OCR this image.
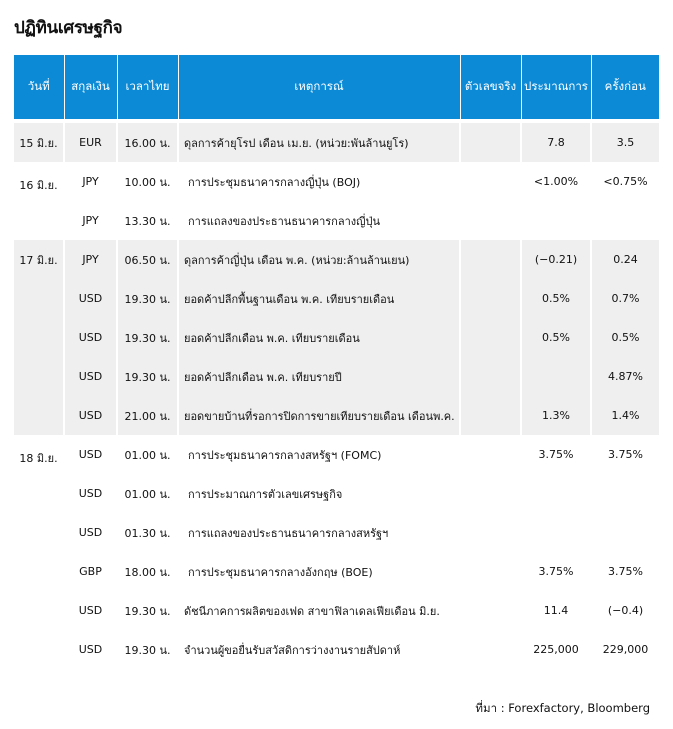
ปฏิทินเศรษฐกิจ
วันที่	สกุลเงิน	เวลาไทย	เหตุการณ์	ตัวเลขจริง	ประมาณการ	ครั้งก่อน

15 มิ.ย.	EUR	16.00 น.	ดุลการค้ายุโรป เดือน เม.ย. (หน่วย:พันล้านยูโร)		7.8	3.5
16 มิ.ย.	JPY	10.00 น.	การประชุมธนาคารกลางญี่ปุ่น (BOJ)		<1.00%	<0.75%
	JPY	13.30 น.	การแถลงของประธานธนาคารกลางญี่ปุ่น			
17 มิ.ย.	JPY	06.50 น.	ดุลการค้าญี่ปุ่น เดือน พ.ค. (หน่วย:ล้านล้านเยน)		(−0.21)	0.24
	USD	19.30 น.	ยอดค้าปลีกพื้นฐานเดือน พ.ค. เทียบรายเดือน		0.5%	0.7%
	USD	19.30 น.	ยอดค้าปลีกเดือน พ.ค. เทียบรายเดือน		0.5%	0.5%
	USD	19.30 น.	ยอดค้าปลีกเดือน พ.ค. เทียบรายปี			4.87%
	USD	21.00 น.	ยอดขายบ้านที่รอการปิดการขายเทียบรายเดือน เดือนพ.ค.		1.3%	1.4%
18 มิ.ย.	USD	01.00 น.	การประชุมธนาคารกลางสหรัฐฯ (FOMC)		3.75%	3.75%
	USD	01.00 น.	การประมาณการตัวเลขเศรษฐกิจ			
	USD	01.30 น.	การแถลงของประธานธนาคารกลางสหรัฐฯ			
	GBP	18.00 น.	การประชุมธนาคารกลางอังกฤษ (BOE)		3.75%	3.75%
	USD	19.30 น.	ดัชนีภาคการผลิตของเฟด สาขาฟิลาเดลเฟียเดือน มิ.ย.		11.4	(−0.4)
	USD	19.30 น.	จำนวนผู้ขอยื่นรับสวัสดิการว่างงานรายสัปดาห์		225,000	229,000
ที่มา : Forexfactory, Bloomberg
